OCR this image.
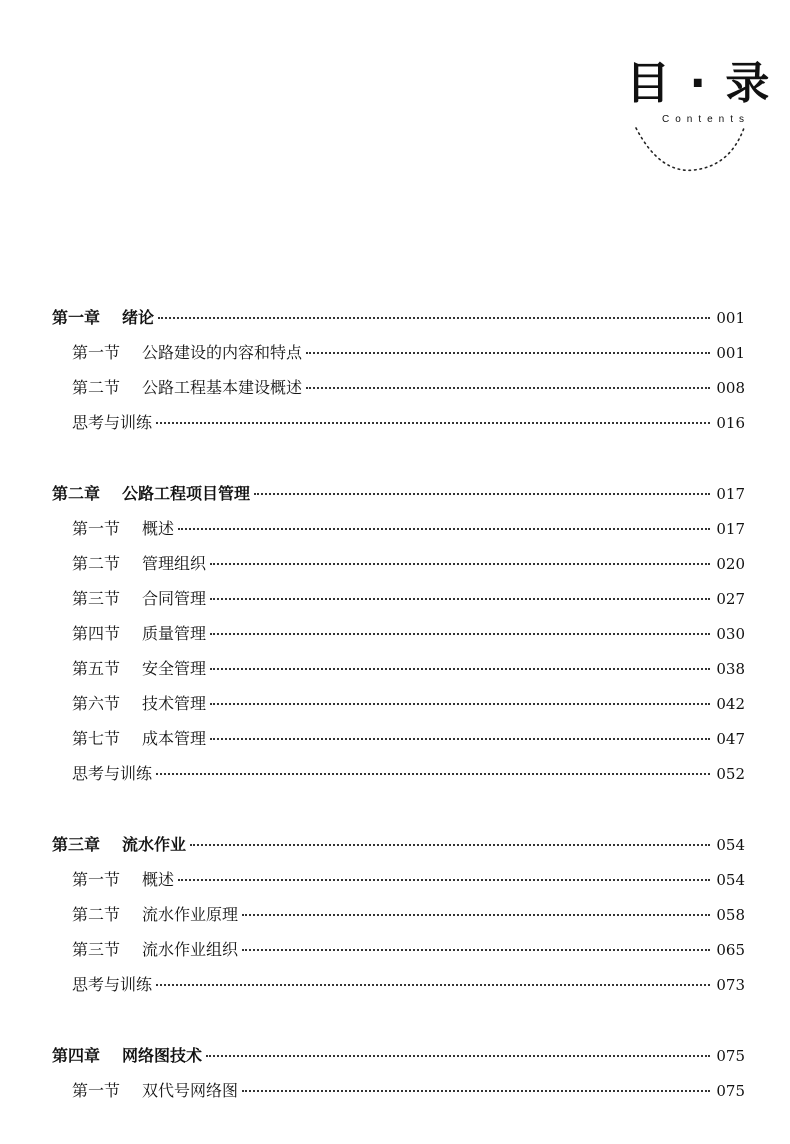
目 · 录
Contents
第一章 绪论	001
第一节 公路建设的内容和特点	001
第二节 公路工程基本建设概述	008
思考与训练	016
第二章 公路工程项目管理	017
第一节 概述	017
第二节 管理组织	020
第三节 合同管理	027
第四节 质量管理	030
第五节 安全管理	038
第六节 技术管理	042
第七节 成本管理	047
思考与训练	052
第三章 流水作业	054
第一节 概述	054
第二节 流水作业原理	058
第三节 流水作业组织	065
思考与训练	073
第四章 网络图技术	075
第一节 双代号网络图	075
